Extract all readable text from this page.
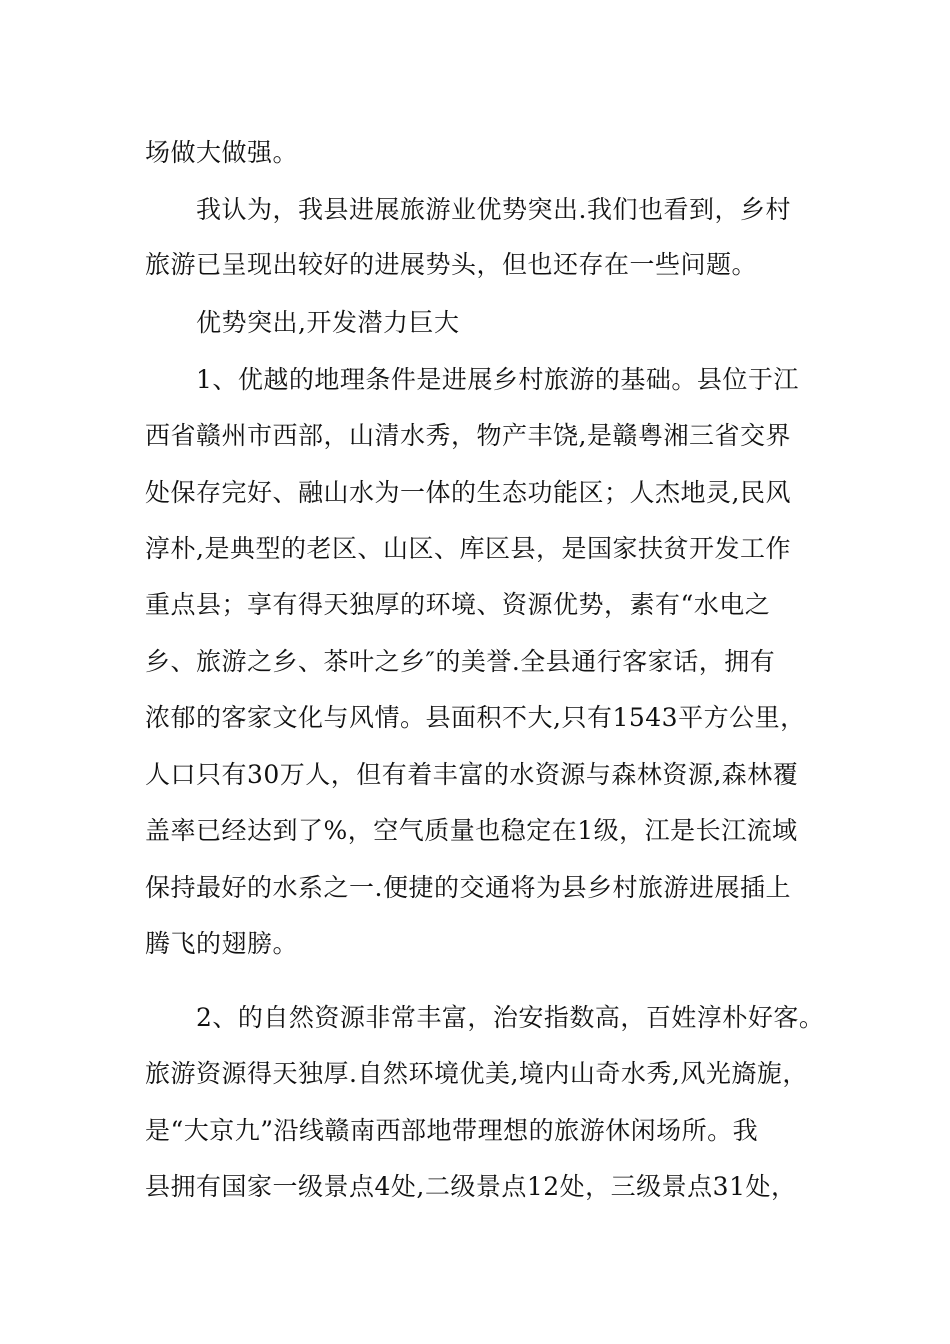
场做大做强。

我认为，我县进展旅游业优势突出.我们也看到，乡村

旅游已呈现出较好的进展势头，但也还存在一些问题。

优势突出,开发潜力巨大

1、优越的地理条件是进展乡村旅游的基础。县位于江

西省赣州市西部，山清水秀，物产丰饶,是赣粤湘三省交界

处保存完好、融山水为一体的生态功能区；人杰地灵,民风

淳朴,是典型的老区、山区、库区县，是国家扶贫开发工作

重点县；享有得天独厚的环境、资源优势，素有“水电之

乡、旅游之乡、茶叶之乡″的美誉.全县通行客家话，拥有

浓郁的客家文化与风情。县面积不大,只有1543平方公里，

人口只有30万人，但有着丰富的水资源与森林资源,森林覆

盖率已经达到了%，空气质量也稳定在1级，江是长江流域

保持最好的水系之一.便捷的交通将为县乡村旅游进展插上

腾飞的翅膀。

2、的自然资源非常丰富，治安指数高，百姓淳朴好客。

旅游资源得天独厚.自然环境优美,境内山奇水秀,风光旖旎，

是“大京九”沿线赣南西部地带理想的旅游休闲场所。我

县拥有国家一级景点4处,二级景点12处，三级景点31处，
